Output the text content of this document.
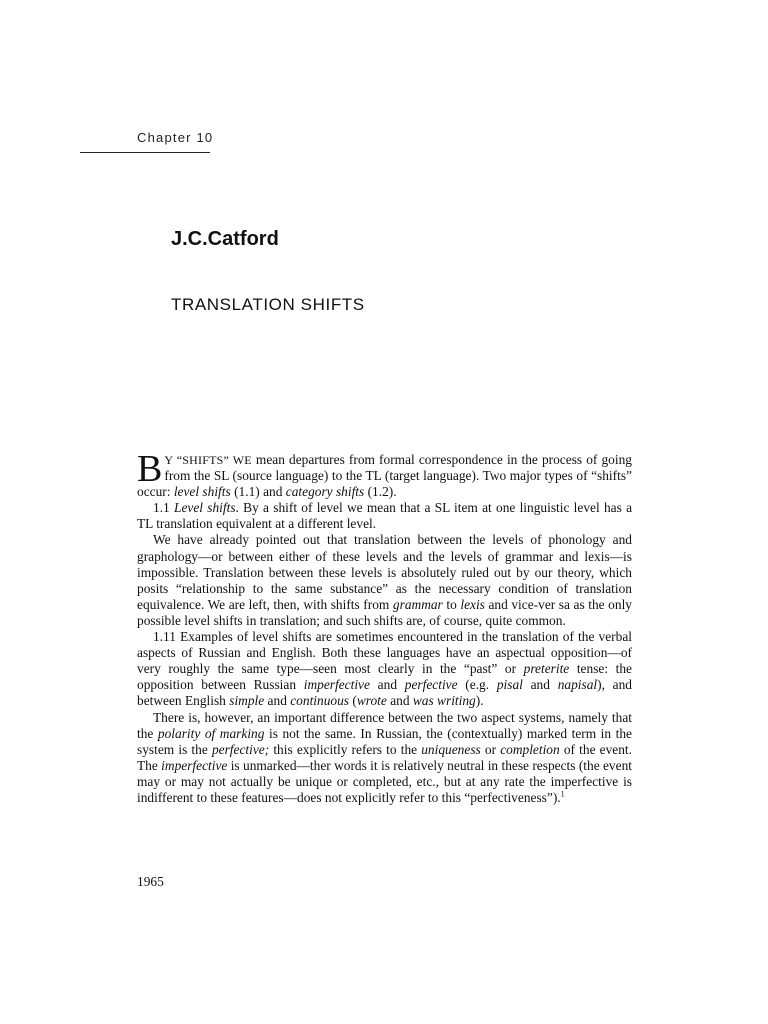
Chapter 10
J.C.Catford
TRANSLATION SHIFTS

B Y “SHIFTS” WE mean departures from formal correspondence in the process of going from the SL (source language) to the TL (target language). Two major types of “shifts” occur: level shifts (1.1) and category shifts (1.2).

1.1 Level shifts. By a shift of level we mean that a SL item at one linguistic level has a TL translation equivalent at a different level.

We have already pointed out that translation between the levels of phonology and graphology—or between either of these levels and the levels of grammar and lexis—is impossible. Translation between these levels is absolutely ruled out by our theory, which posits “relationship to the same substance” as the necessary condition of translation equivalence. We are left, then, with shifts from grammar to lexis and vice-ver sa as the only possible level shifts in translation; and such shifts are, of course, quite common.

1.11 Examples of level shifts are sometimes encountered in the translation of the verbal aspects of Russian and English. Both these languages have an aspectual opposition—of very roughly the same type—seen most clearly in the “past” or preterite tense: the opposition between Russian imperfective and perfective (e.g. pisal and napisal), and between English simple and continuous (wrote and was writing).

There is, however, an important difference between the two aspect systems, namely that the polarity of marking is not the same. In Russian, the (contextually) marked term in the system is the perfective; this explicitly refers to the uniqueness or completion of the event. The imperfective is unmarked—ther words it is relatively neutral in these respects (the event may or may not actually be unique or completed, etc., but at any rate the imperfective is indifferent to these features—does not explicitly refer to this “perfectiveness”).$^1$

1965
